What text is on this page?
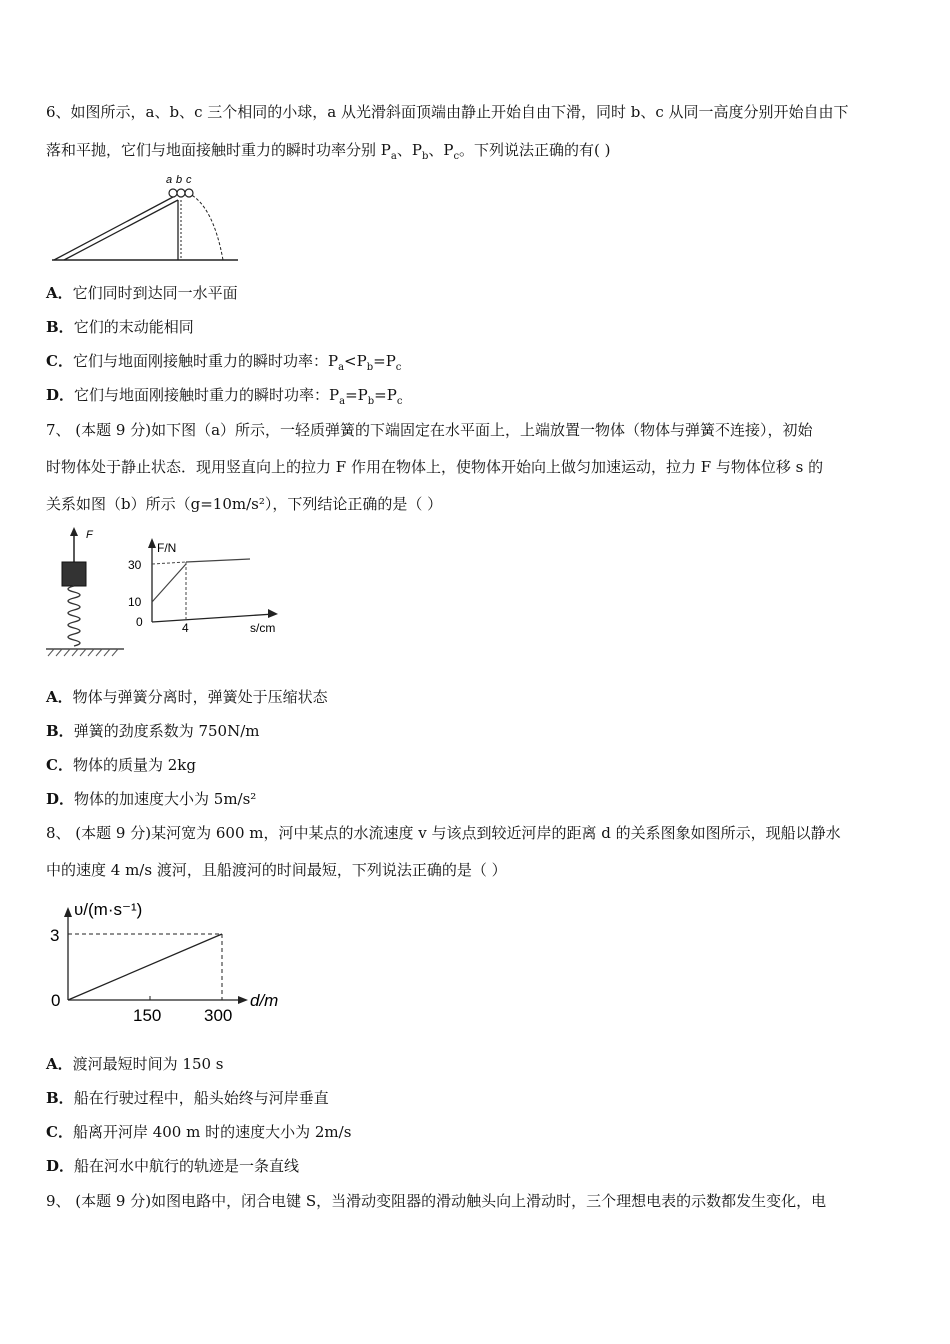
6、如图所示，a、b、c 三个相同的小球，a 从光滑斜面顶端由静止开始自由下滑，同时 b、c 从同一高度分别开始自由下
落和平抛，它们与地面接触时重力的瞬时功率分别 $P_a$、$P_b$、$P_c$。下列说法正确的有( )
a b c
A．它们同时到达同一水平面
B．它们的末动能相同
C．它们与地面刚接触时重力的瞬时功率：$P_a<P_b=P_c$
D．它们与地面刚接触时重力的瞬时功率：$P_a=P_b=P_c$
7、 (本题 9 分)如下图（a）所示，一轻质弹簧的下端固定在水平面上，上端放置一物体（物体与弹簧不连接），初始
时物体处于静止状态．现用竖直向上的拉力 F 作用在物体上，使物体开始向上做匀加速运动，拉力 F 与物体位移 s 的
关系如图（b）所示（g=10m/s²），下列结论正确的是（ ）
F
F/N
30
10
0	4	s/cm
A．物体与弹簧分离时，弹簧处于压缩状态
B．弹簧的劲度系数为 750N/m
C．物体的质量为 2kg
D．物体的加速度大小为 5m/s²
8、 (本题 9 分)某河宽为 600 m，河中某点的水流速度 v 与该点到较近河岸的距离 d 的关系图象如图所示，现船以静水
中的速度 4 m/s 渡河，且船渡河的时间最短，下列说法正确的是（ ）
υ/(m·s⁻¹)
3
0
150	300
d/m
A．渡河最短时间为 150 s
B．船在行驶过程中，船头始终与河岸垂直
C．船离开河岸 400 m 时的速度大小为 2m/s
D．船在河水中航行的轨迹是一条直线
9、 (本题 9 分)如图电路中，闭合电键 S，当滑动变阻器的滑动触头向上滑动时，三个理想电表的示数都发生变化，电
